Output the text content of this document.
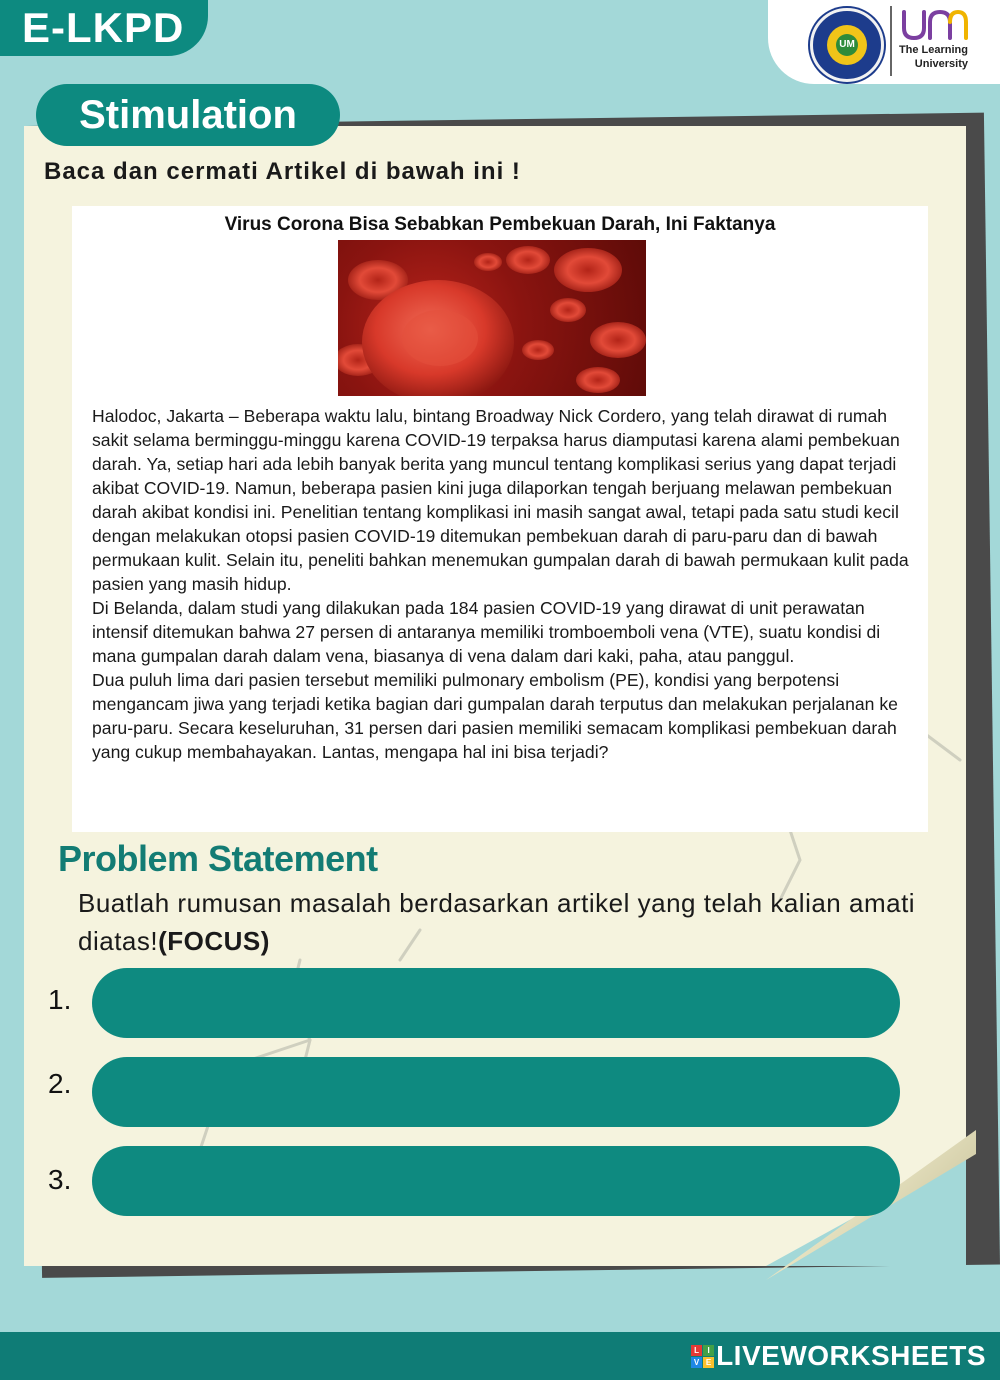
E-LKPD	UM	The Learning
University
Stimulation
Baca dan cermati Artikel di bawah ini !
Virus Corona Bisa Sebabkan Pembekuan Darah, Ini Faktanya

Halodoc, Jakarta – Beberapa waktu lalu, bintang Broadway Nick Cordero, yang telah dirawat di rumah sakit selama berminggu-minggu karena COVID-19 terpaksa harus diamputasi karena alami pembekuan darah. Ya, setiap hari ada lebih banyak berita yang muncul tentang komplikasi serius yang dapat terjadi akibat COVID-19. Namun, beberapa pasien kini juga dilaporkan tengah berjuang melawan pembekuan darah akibat kondisi ini. Penelitian tentang komplikasi ini masih sangat awal, tetapi pada satu studi kecil dengan melakukan otopsi pasien COVID-19 ditemukan pembekuan darah di paru-paru dan di bawah permukaan kulit. Selain itu, peneliti bahkan menemukan gumpalan darah di bawah permukaan kulit pada pasien yang masih hidup.

Di Belanda, dalam studi yang dilakukan pada 184 pasien COVID-19 yang dirawat di unit perawatan intensif ditemukan bahwa 27 persen di antaranya memiliki tromboemboli vena (VTE), suatu kondisi di mana gumpalan darah dalam vena, biasanya di vena dalam dari kaki, paha, atau panggul.

Dua puluh lima dari pasien tersebut memiliki pulmonary embolism (PE), kondisi yang berpotensi mengancam jiwa yang terjadi ketika bagian dari gumpalan darah terputus dan melakukan perjalanan ke paru-paru. Secara keseluruhan, 31 persen dari pasien memiliki semacam komplikasi pembekuan darah yang cukup membahayakan. Lantas, mengapa hal ini bisa terjadi?

Problem Statement
Buatlah rumusan masalah berdasarkan artikel yang telah kalian amati diatas!(FOCUS)
1.
2.
3.
L	I
V E LIVEWORKSHEETS
